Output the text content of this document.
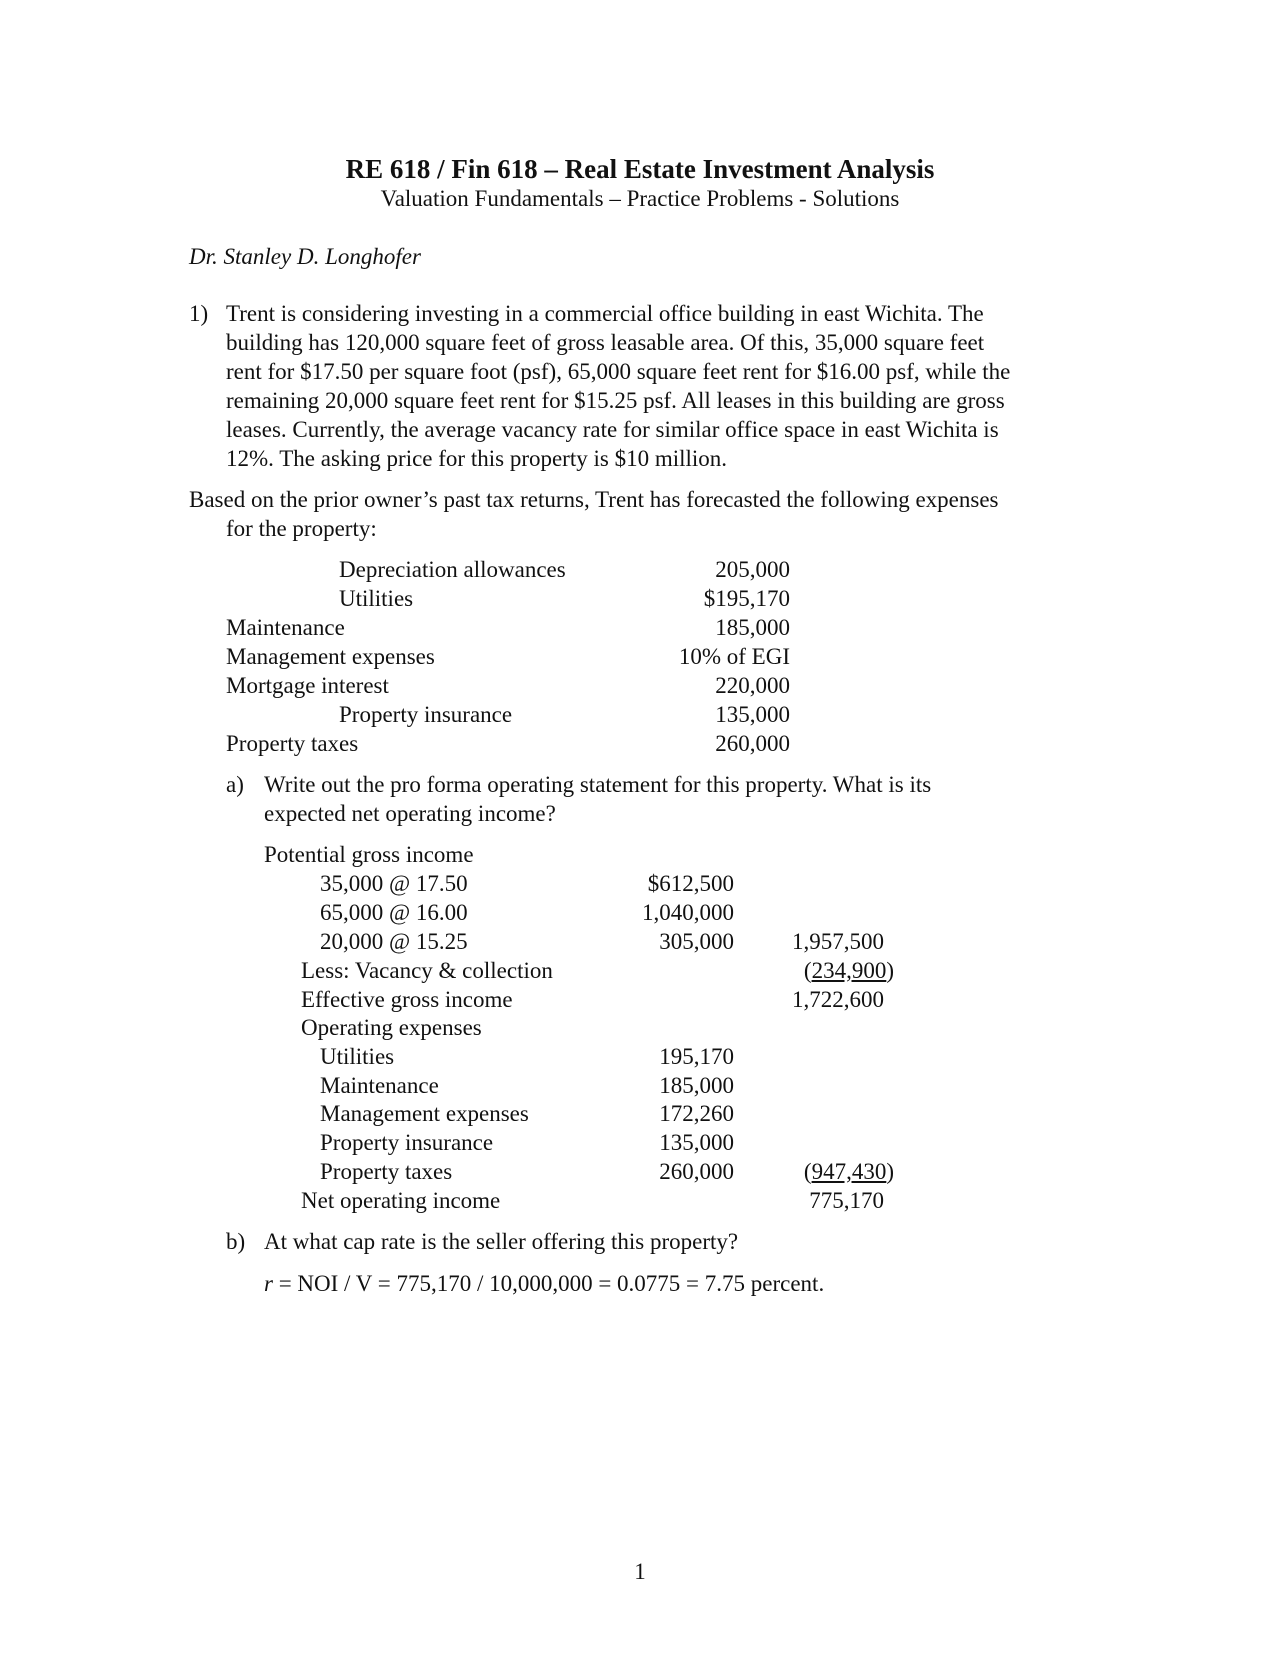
RE 618 / Fin 618 – Real Estate Investment Analysis
Valuation Fundamentals – Practice Problems - Solutions
Dr. Stanley D. Longhofer
1) Trent is considering investing in a commercial office building in east Wichita. The
building has 120,000 square feet of gross leasable area. Of this, 35,000 square feet
rent for $17.50 per square foot (psf), 65,000 square feet rent for $16.00 psf, while the
remaining 20,000 square feet rent for $15.25 psf. All leases in this building are gross
leases. Currently, the average vacancy rate for similar office space in east Wichita is
12%. The asking price for this property is $10 million.
Based on the prior owner’s past tax returns, Trent has forecasted the following expenses
for the property:
Depreciation allowances	205,000
Utilities	$195,170
Maintenance	185,000
Management expenses	10% of EGI
Mortgage interest	220,000
Property insurance	135,000
Property taxes	260,000
a) Write out the pro forma operating statement for this property. What is its
expected net operating income?
Potential gross income
35,000 @ 17.50	$612,500
65,000 @ 16.00	1,040,000
20,000 @ 15.25	305,000	1,957,500
Less: Vacancy & collection	(234,900)
Effective gross income	1,722,600
Operating expenses
Utilities	195,170
Maintenance	185,000
Management expenses	172,260
Property insurance	135,000
Property taxes	260,000	(947,430)
Net operating income	775,170
b) At what cap rate is the seller offering this property?
r = NOI / V = 775,170 / 10,000,000 = 0.0775 = 7.75 percent.
1
